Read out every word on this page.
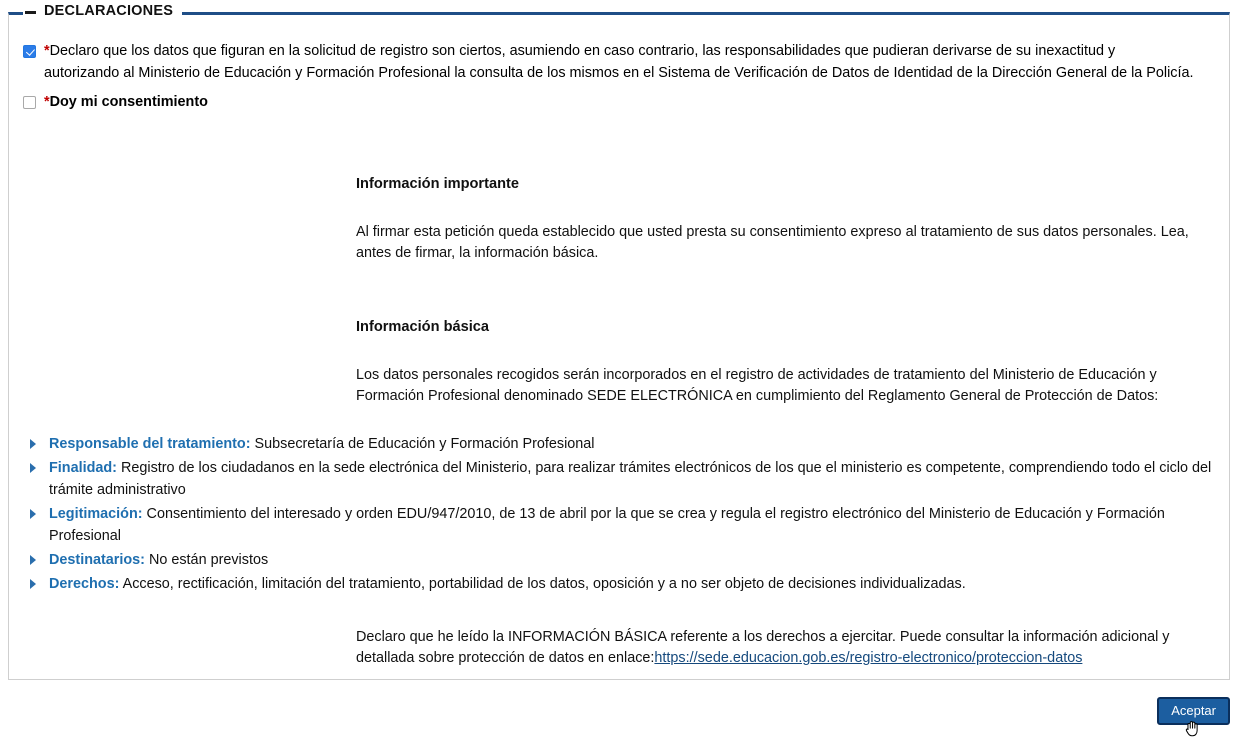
DECLARACIONES
*Declaro que los datos que figuran en la solicitud de registro son ciertos, asumiendo en caso contrario, las responsabilidades que pudieran derivarse de su inexactitud y autorizando al Ministerio de Educación y Formación Profesional la consulta de los mismos en el Sistema de Verificación de Datos de Identidad de la Dirección General de la Policía.
*Doy mi consentimiento

Información importante

Al firmar esta petición queda establecido que usted presta su consentimiento expreso al tratamiento de sus datos personales. Lea, antes de firmar, la información básica.

Información básica

Los datos personales recogidos serán incorporados en el registro de actividades de tratamiento del Ministerio de Educación y Formación Profesional denominado SEDE ELECTRÓNICA en cumplimiento del Reglamento General de Protección de Datos:

Responsable del tratamiento: Subsecretaría de Educación y Formación Profesional
Finalidad: Registro de los ciudadanos en la sede electrónica del Ministerio, para realizar trámites electrónicos de los que el ministerio es competente, comprendiendo todo el ciclo del trámite administrativo
Legitimación: Consentimiento del interesado y orden EDU/947/2010, de 13 de abril por la que se crea y regula el registro electrónico del Ministerio de Educación y Formación Profesional
Destinatarios: No están previstos
Derechos: Acceso, rectificación, limitación del tratamiento, portabilidad de los datos, oposición y a no ser objeto de decisiones individualizadas.

Declaro que he leído la INFORMACIÓN BÁSICA referente a los derechos a ejercitar. Puede consultar la información adicional y detallada sobre protección de datos en enlace:https://sede.educacion.gob.es/registro-electronico/proteccion-datos

Aceptar
